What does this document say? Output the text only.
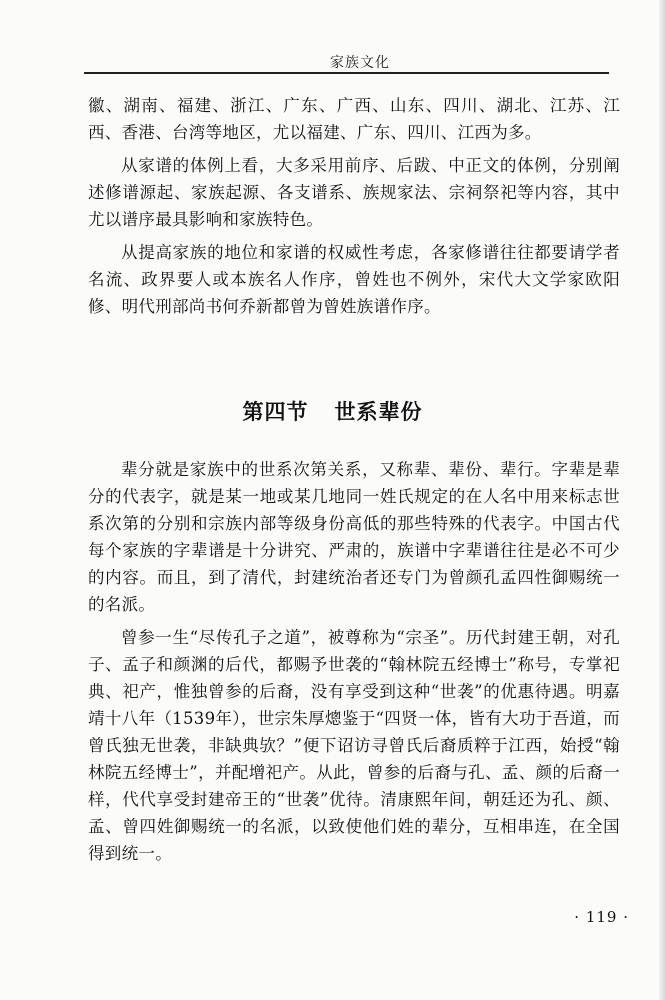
家族文化

徽、湖南、福建、浙江、广东、广西、山东、四川、湖北、江苏、江西、香港、台湾等地区，尤以福建、广东、四川、江西为多。

从家谱的体例上看，大多采用前序、后跋、中正文的体例，分别阐述修谱源起、家族起源、各支谱系、族规家法、宗祠祭祀等内容，其中尤以谱序最具影响和家族特色。

从提高家族的地位和家谱的权威性考虑，各家修谱往往都要请学者名流、政界要人或本族名人作序，曾姓也不例外，宋代大文学家欧阳修、明代刑部尚书何乔新都曾为曾姓族谱作序。

第四节 世系辈份

辈分就是家族中的世系次第关系，又称辈、辈份、辈行。字辈是辈分的代表字，就是某一地或某几地同一姓氏规定的在人名中用来标志世系次第的分别和宗族内部等级身份高低的那些特殊的代表字。中国古代每个家族的字辈谱是十分讲究、严肃的，族谱中字辈谱往往是必不可少的内容。而且，到了清代，封建统治者还专门为曾颜孔孟四性御赐统一的名派。

曾参一生“尽传孔子之道”，被尊称为“宗圣”。历代封建王朝，对孔子、孟子和颜渊的后代，都赐予世袭的“翰林院五经博士”称号，专掌祀典、祀产，惟独曾参的后裔，没有享受到这种“世袭”的优惠待遇。明嘉靖十八年（1539年），世宗朱厚熜鉴于“四贤一体，皆有大功于吾道，而曾氏独无世袭，非缺典欤？”便下诏访寻曾氏后裔质粹于江西，始授“翰林院五经博士”，并配增祀产。从此，曾参的后裔与孔、孟、颜的后裔一样，代代享受封建帝王的“世袭”优待。清康熙年间，朝廷还为孔、颜、孟、曾四姓御赐统一的名派，以致使他们姓的辈分，互相串连，在全国得到统一。

· 119 ·
